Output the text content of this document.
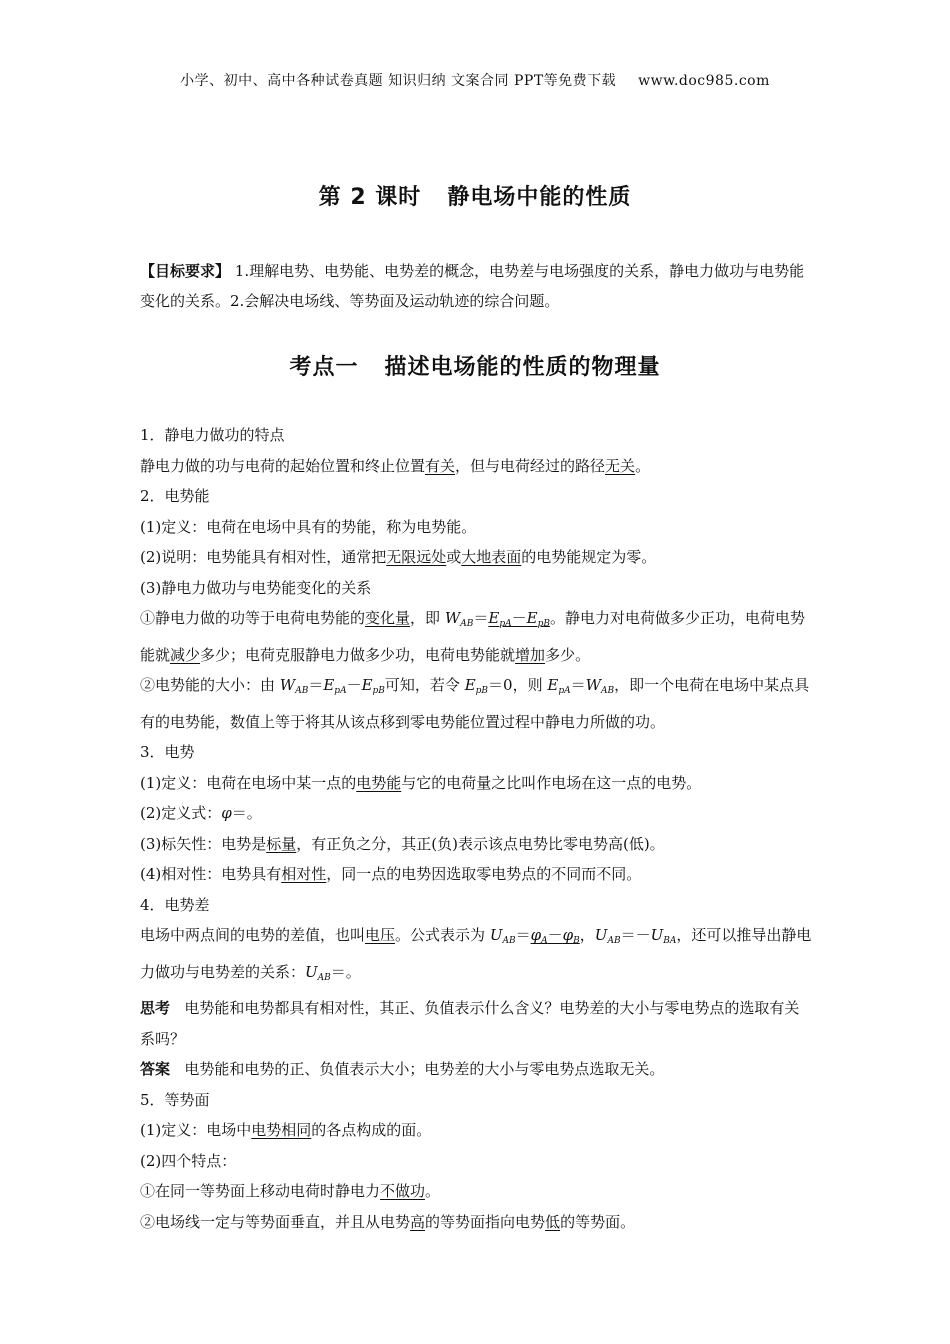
小学、初中、高中各种试卷真题 知识归纳 文案合同 PPT等免费下载 www.doc985.com
第 2 课时 静电场中能的性质
【目标要求】 1.理解电势、电势能、电势差的概念，电势差与电场强度的关系，静电力做功与电势能变化的关系。2.会解决电场线、等势面及运动轨迹的综合问题。
考点一 描述电场能的性质的物理量

1．静电力做功的特点

静电力做的功与电荷的起始位置和终止位置有关，但与电荷经过的路径无关。

2．电势能

(1)定义：电荷在电场中具有的势能，称为电势能。

(2)说明：电势能具有相对性，通常把无限远处或大地表面的电势能规定为零。

(3)静电力做功与电势能变化的关系

①静电力做的功等于电荷电势能的变化量，即 $W_{AB}=E_{pA}-E_{pB}$。静电力对电荷做多少正功，电荷电势能就减少多少；电荷克服静电力做多少功，电荷电势能就增加多少。

②电势能的大小：由 $W_{AB}=E_{pA}-E_{pB}$可知，若令 $E_{pB}=0$，则 $E_{pA}=W_{AB}$，即一个电荷在电场中某点具有的电势能，数值上等于将其从该点移到零电势能位置过程中静电力所做的功。

3．电势

(1)定义：电荷在电场中某一点的电势能与它的电荷量之比叫作电场在这一点的电势。

(2)定义式：φ＝。

(3)标矢性：电势是标量，有正负之分，其正(负)表示该点电势比零电势高(低)。

(4)相对性：电势具有相对性，同一点的电势因选取零电势点的不同而不同。

4．电势差

电场中两点间的电势的差值，也叫电压。公式表示为 $U_{AB}=\varphi_A-\varphi_B$，$U_{AB}=-U_{BA}$，还可以推导出静电力做功与电势差的关系：$U_{AB}=$。

思考 电势能和电势都具有相对性，其正、负值表示什么含义？电势差的大小与零电势点的选取有关系吗？

答案 电势能和电势的正、负值表示大小；电势差的大小与零电势点选取无关。

5．等势面

(1)定义：电场中电势相同的各点构成的面。

(2)四个特点：

①在同一等势面上移动电荷时静电力不做功。

②电场线一定与等势面垂直，并且从电势高的等势面指向电势低的等势面。
